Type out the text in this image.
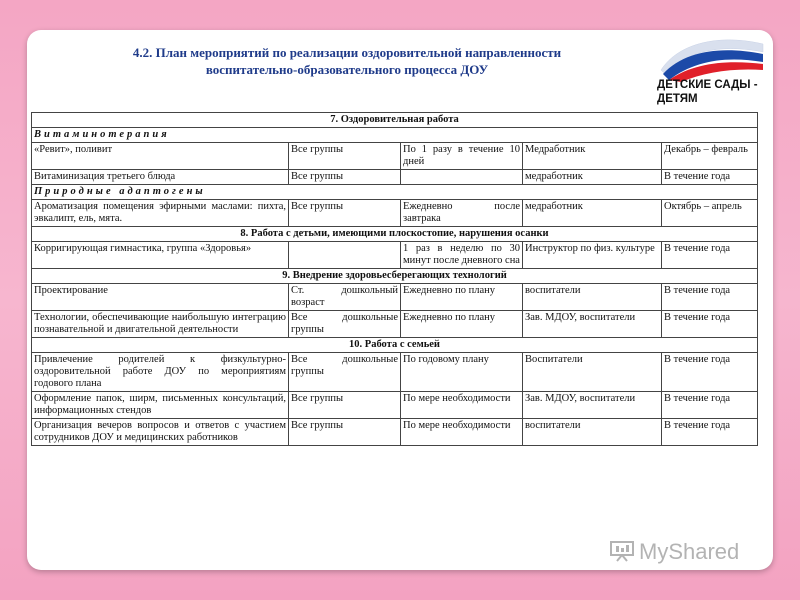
4.2. План мероприятий по реализации оздоровительной направленности
воспитательно-образовательного процесса ДОУ
ДЕТСКИЕ САДЫ -
ДЕТЯМ
7. Оздоровительная работа				
Витаминотерапия				
«Ревит», поливит	Все группы	По 1 разу в течение 10 дней	Медработник	Декабрь – февраль
Витаминизация третьего блюда	Все группы		медработник	В течение года
Природные адаптогены				
Ароматизация помещения эфирными маслами: пихта, эвкалипт, ель, мята.	Все группы	Ежедневно после завтрака	медработник	Октябрь – апрель
8. Работа с детьми, имеющими плоскостопие, нарушения осанки				
Корригирующая гимнастика, группа «Здоровья»		1 раз в неделю по 30 минут после дневного сна	Инструктор по физ. культуре	В течение года
9. Внедрение здоровьесберегающих технологий				
Проектирование	Ст. дошкольный возраст	Ежедневно по плану	воспитатели	В течение года
Технологии, обеспечивающие наибольшую интеграцию познавательной и двигательной деятельности	Все дошкольные группы	Ежедневно по плану	Зав. МДОУ, воспитатели	В течение года
10. Работа с семьей				
Привлечение родителей к физкультурно-оздоровительной работе ДОУ по мероприятиям годового плана	Все дошкольные группы	По годовому плану	Воспитатели	В течение года
Оформление папок, ширм, письменных консультаций, информационных стендов	Все группы	По мере необходимости	Зав. МДОУ, воспитатели	В течение года
Организация вечеров вопросов и ответов с участием сотрудников ДОУ и медицинских работников	Все группы	По мере необходимости	воспитатели	В течение года
MyShared
